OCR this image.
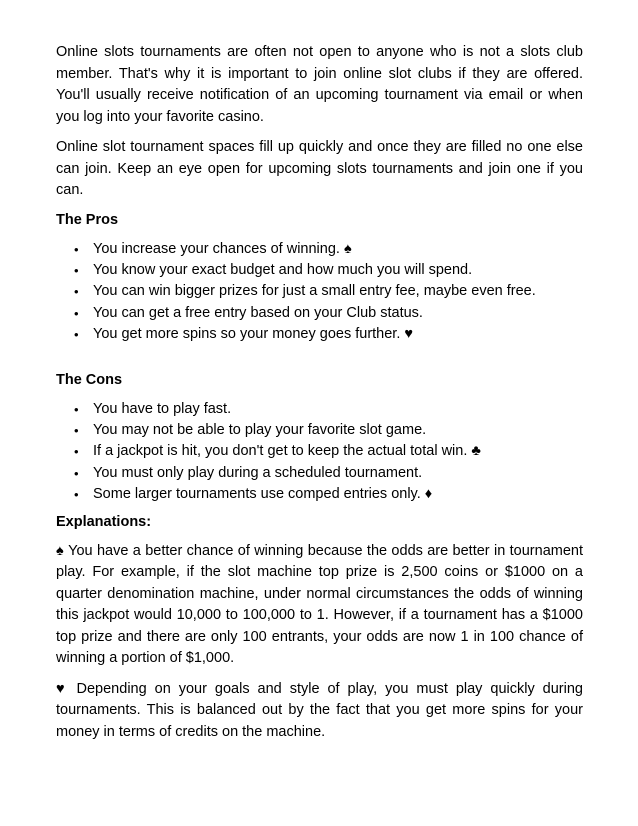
Online slots tournaments are often not open to anyone who is not a slots club member. That's why it is important to join online slot clubs if they are offered. You'll usually receive notification of an upcoming tournament via email or when you log into your favorite casino.

Online slot tournament spaces fill up quickly and once they are filled no one else can join. Keep an eye open for upcoming slots tournaments and join one if you can.

The Pros
• You increase your chances of winning. ♠
• You know your exact budget and how much you will spend.
• You can win bigger prizes for just a small entry fee, maybe even free.
• You can get a free entry based on your Club status.
• You get more spins so your money goes further. ♥
The Cons
• You have to play fast.
• You may not be able to play your favorite slot game.
• If a jackpot is hit, you don't get to keep the actual total win. ♣
• You must only play during a scheduled tournament.
• Some larger tournaments use comped entries only. ♦
Explanations:

♠ You have a better chance of winning because the odds are better in tournament play. For example, if the slot machine top prize is 2,500 coins or $1000 on a quarter denomination machine, under normal circumstances the odds of winning this jackpot would 10,000 to 100,000 to 1. However, if a tournament has a $1000 top prize and there are only 100 entrants, your odds are now 1 in 100 chance of winning a portion of $1,000.

♥ Depending on your goals and style of play, you must play quickly during tournaments. This is balanced out by the fact that you get more spins for your money in terms of credits on the machine.
